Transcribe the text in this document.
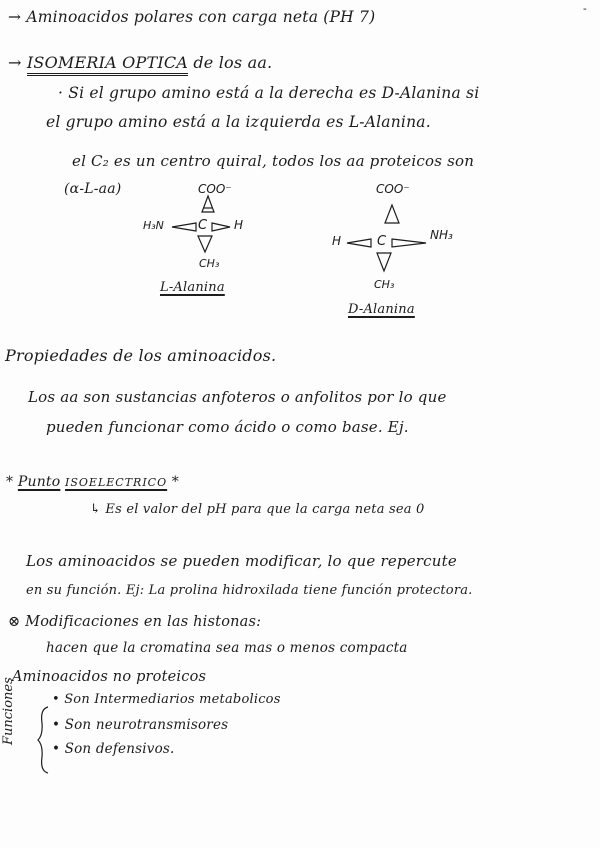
→ Aminoacidos polares con carga neta (PH 7)	-
→ ISOMERIA OPTICA de los aa.
· Si el grupo amino está a la derecha es D-Alanina si
el grupo amino está a la izquierda es L-Alanina.
el C₂ es un centro quiral, todos los aa proteicos son
(α-L-aa)	COO⁻
H₃N	C H
CH₃
L-Alanina
COO⁻
H	C	NH₃
CH₃
D-Alanina
Propiedades de los aminoacidos.
Los aa son sustancias anfoteros o anfolitos por lo que
pueden funcionar como ácido o como base. Ej.
* Punto ISOELECTRICO *
↳ Es el valor del pH para que la carga neta sea 0
Los aminoacidos se pueden modificar, lo que repercute
en su función. Ej: La prolina hidroxilada tiene función protectora.
⊗ Modificaciones en las histonas:
hacen que la cromatina sea mas o menos compacta
Aminoacidos no proteicos
Funciones	• Son Intermediarios metabolicos
• Son neurotransmisores
• Son defensivos.
